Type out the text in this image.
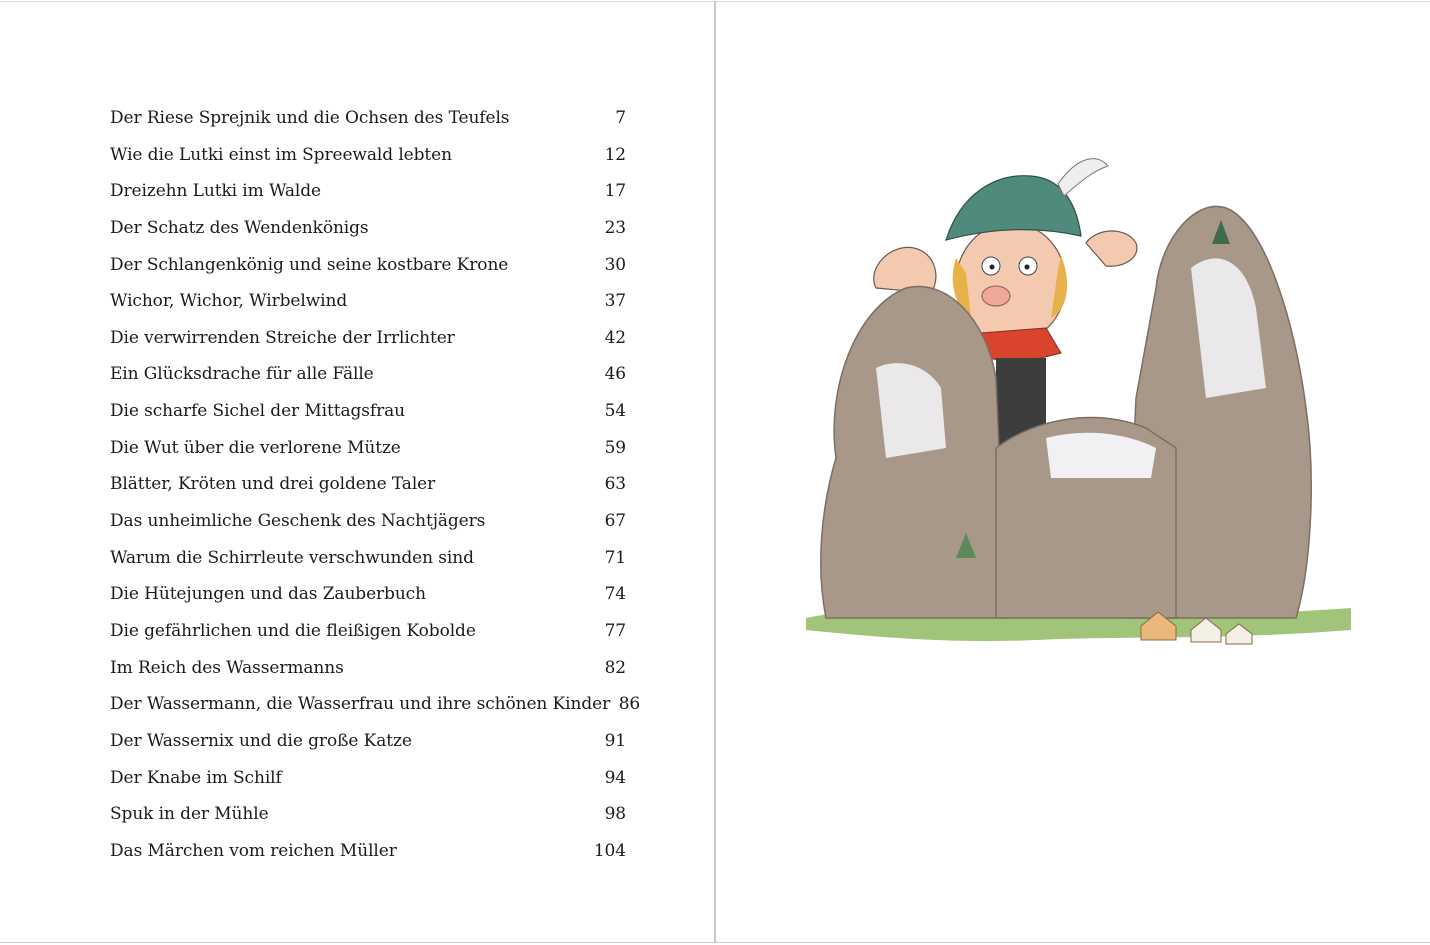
Der Riese Sprejnik und die Ochsen des Teufels	7
Wie die Lutki einst im Spreewald lebten	12
Dreizehn Lutki im Walde	17
Der Schatz des Wendenkönigs	23
Der Schlangenkönig und seine kostbare Krone	30
Wichor, Wichor, Wirbelwind	37
Die verwirrenden Streiche der Irrlichter	42
Ein Glücksdrache für alle Fälle	46
Die scharfe Sichel der Mittagsfrau	54
Die Wut über die verlorene Mütze	59
Blätter, Kröten und drei goldene Taler	63
Das unheimliche Geschenk des Nachtjägers	67
Warum die Schirrleute verschwunden sind	71
Die Hütejungen und das Zauberbuch	74
Die gefährlichen und die fleißigen Kobolde	77
Im Reich des Wassermanns	82
Der Wassermann, die Wasserfrau und ihre schönen Kinder 86
Der Wassernix und die große Katze	91
Der Knabe im Schilf	94
Spuk in der Mühle	98
Das Märchen vom reichen Müller	104
